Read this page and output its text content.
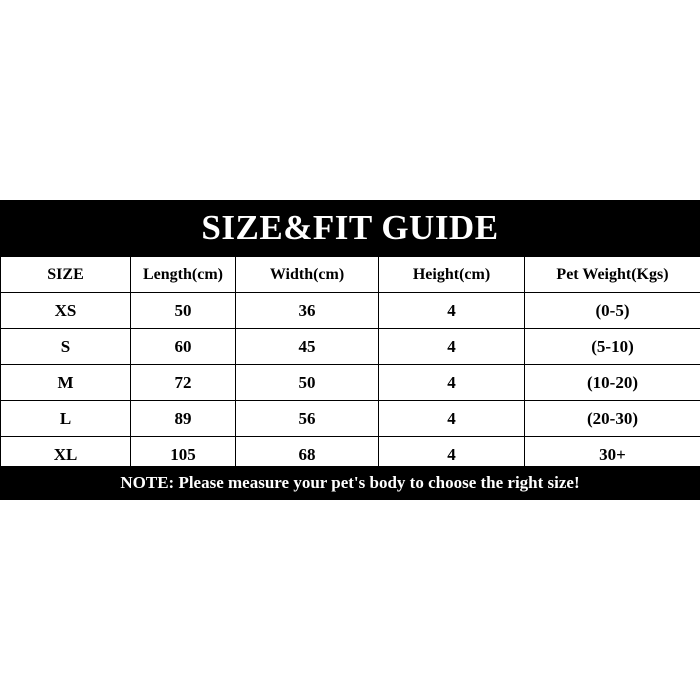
SIZE&FIT GUIDE
SIZE	Length(cm)	Width(cm)	Height(cm)	Pet Weight(Kgs)
XS	50	36	4	(0-5)
S	60	45	4	(5-10)
M	72	50	4	(10-20)
L	89	56	4	(20-30)
XL	105	68	4	30+
NOTE: Please measure your pet's body to choose the right size!
